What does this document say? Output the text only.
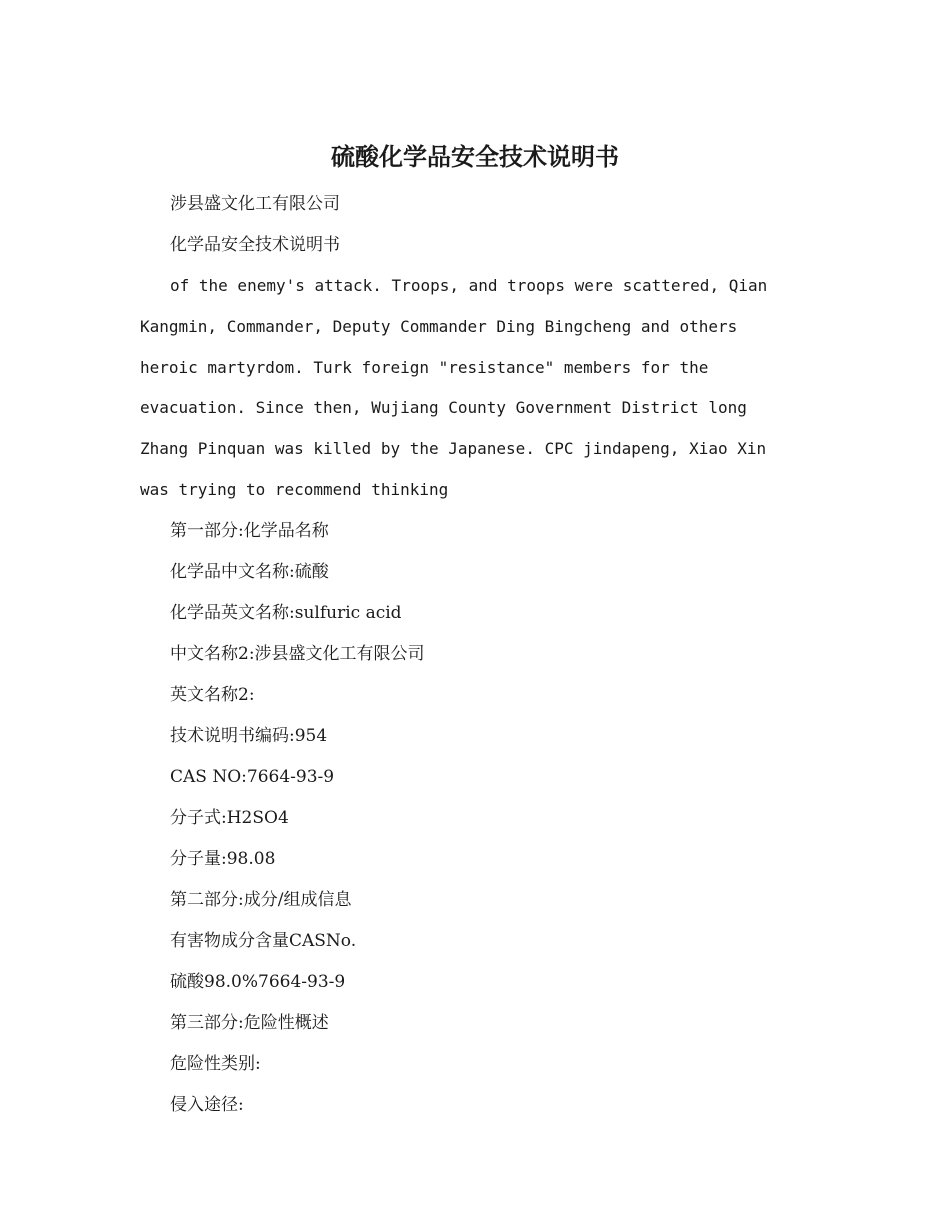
硫酸化学品安全技术说明书

涉县盛文化工有限公司

化学品安全技术说明书

of the enemy's attack. Troops, and troops were scattered, Qian Kangmin, Commander, Deputy Commander Ding Bingcheng and others heroic martyrdom. Turk foreign "resistance" members for the evacuation. Since then, Wujiang County Government District long Zhang Pinquan was killed by the Japanese. CPC jindapeng, Xiao Xin was trying to recommend thinking

第一部分:化学品名称

化学品中文名称:硫酸

化学品英文名称:sulfuric acid

中文名称2:涉县盛文化工有限公司

英文名称2:

技术说明书编码:954

CAS NO:7664-93-9

分子式:H2SO4

分子量:98.08

第二部分:成分/组成信息

有害物成分含量CASNo.

硫酸98.0%7664-93-9

第三部分:危险性概述

危险性类别:

侵入途径:
